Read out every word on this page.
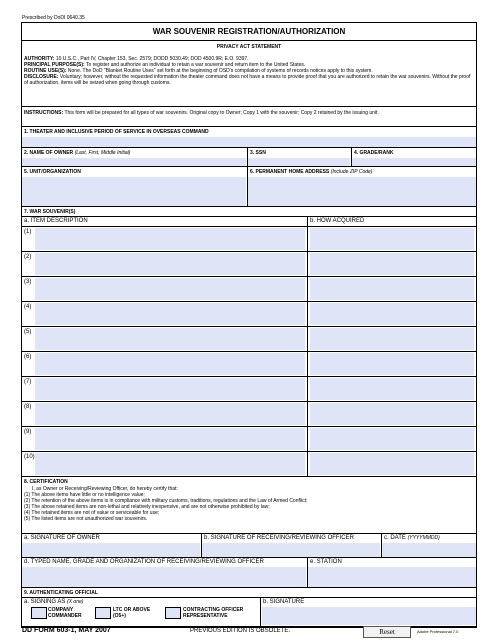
Prescribed by DoDI 0640.35
WAR SOUVENIR REGISTRATION/AUTHORIZATION
PRIVACY ACT STATEMENT
AUTHORITY: 10 U.S.C., Part IV, Chapter 153, Sec. 2579; DODD 5030.49; DOD 4500.9R; E.O. 9397.
PRINCIPAL PURPOSE(S): To register and authorize an individual to retain a war souvenir and return item to the United States.
ROUTINE USE(S): None. The DoD "Blanket Routine Uses" set forth at the beginning of OSD's compilation of systems of records notices apply to this system.
DISCLOSURE: Voluntary; however, without the requested information the theater command does not have a means to provide proof that you are authorized to retain the war souvenirs. Without the proof of authorization, items will be seized when going through customs.
INSTRUCTIONS: This form will be prepared for all types of war souvenirs. Original copy to Owner; Copy 1 with the souvenir; Copy 2 retained by the issuing unit.
1. THEATER AND INCLUSIVE PERIOD OF SERVICE IN OVERSEAS COMMAND
2. NAME OF OWNER (Last, First, Middle Initial)	3. SSN	4. GRADE/RANK
5. UNIT/ORGANIZATION	6. PERMANENT HOME ADDRESS (Include ZIP Code)
7. WAR SOUVENIR(S)
a. ITEM DESCRIPTION	b. HOW ACQUIRED
(1)
(2)
(3)
(4)
(5)
(6)
(7)
(8)
(9)
(10)
8. CERTIFICATION
I, as Owner or Receiving/Reviewing Officer, do hereby certify that:
(1) The above items have little or no intelligence value;
(2) The retention of the above items is in compliance with military customs, traditions, regulations and the Law of Armed Conflict;
(3) The above retained items are non-lethal and relatively inexpensive, and are not otherwise prohibited by law;
(4) The retained items are not of value or serviceable for use;
(5) The listed items are not unauthorized war souvenirs.
a. SIGNATURE OF OWNER	b. SIGNATURE OF RECEIVING/REVIEWING OFFICER	c. DATE (YYYYMMDD)
d. TYPED NAME, GRADE AND ORGANIZATION OF RECEIVING/REVIEWING OFFICER	e. STATION
9. AUTHENTICATING OFFICIAL
a. SIGNING AS (X one)
COMPANY
COMMANDER
LTC OR ABOVE
(O5+)
CONTRACTING OFFICER
REPRESENTATIVE
b. SIGNATURE
DD FORM 603-1, MAY 2007	PREVIOUS EDITION IS OBSOLETE.	Reset	Adobe Professional 7.0
